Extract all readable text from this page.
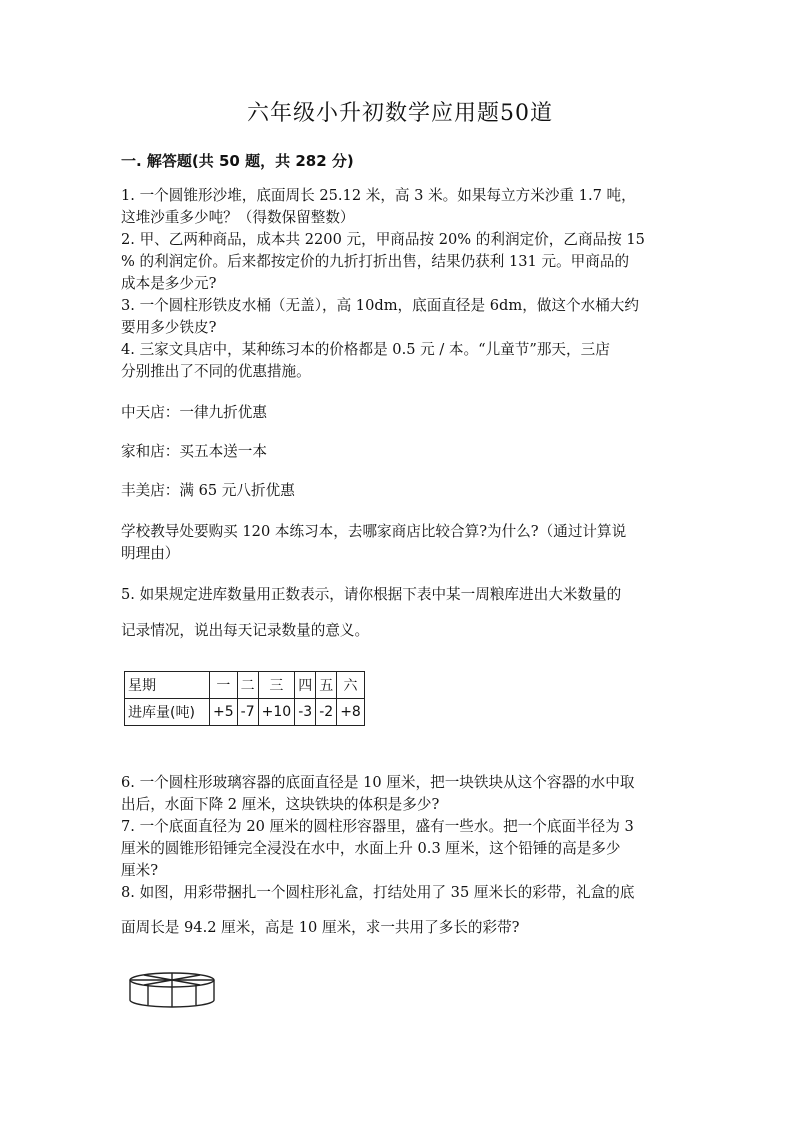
六年级小升初数学应用题50道
一. 解答题(共 50 题，共 282 分)
1. 一个圆锥形沙堆，底面周长 25.12 米，高 3 米。如果每立方米沙重 1.7 吨，
这堆沙重多少吨？（得数保留整数）
2. 甲、乙两种商品，成本共 2200 元，甲商品按 20% 的利润定价，乙商品按 15
% 的利润定价。后来都按定价的九折打折出售，结果仍获利 131 元。甲商品的
成本是多少元?
3. 一个圆柱形铁皮水桶（无盖），高 10dm，底面直径是 6dm，做这个水桶大约
要用多少铁皮?
4. 三家文具店中，某种练习本的价格都是 0.5 元 / 本。“儿童节”那天，三店
分别推出了不同的优惠措施。
中天店：一律九折优惠
家和店：买五本送一本
丰美店：满 65 元八折优惠
学校教导处要购买 120 本练习本，去哪家商店比较合算?为什么?（通过计算说
明理由）
5. 如果规定进库数量用正数表示，请你根据下表中某一周粮库进出大米数量的
记录情况，说出每天记录数量的意义。
星期	一	二	三	四	五	六
进库量(吨)	+5	-7	+10	-3	-2	+8
6. 一个圆柱形玻璃容器的底面直径是 10 厘米，把一块铁块从这个容器的水中取
出后，水面下降 2 厘米，这块铁块的体积是多少?
7. 一个底面直径为 20 厘米的圆柱形容器里，盛有一些水。把一个底面半径为 3
厘米的圆锥形铅锤完全浸没在水中，水面上升 0.3 厘米，这个铅锤的高是多少
厘米?
8. 如图，用彩带捆扎一个圆柱形礼盒，打结处用了 35 厘米长的彩带，礼盒的底
面周长是 94.2 厘米，高是 10 厘米，求一共用了多长的彩带?
